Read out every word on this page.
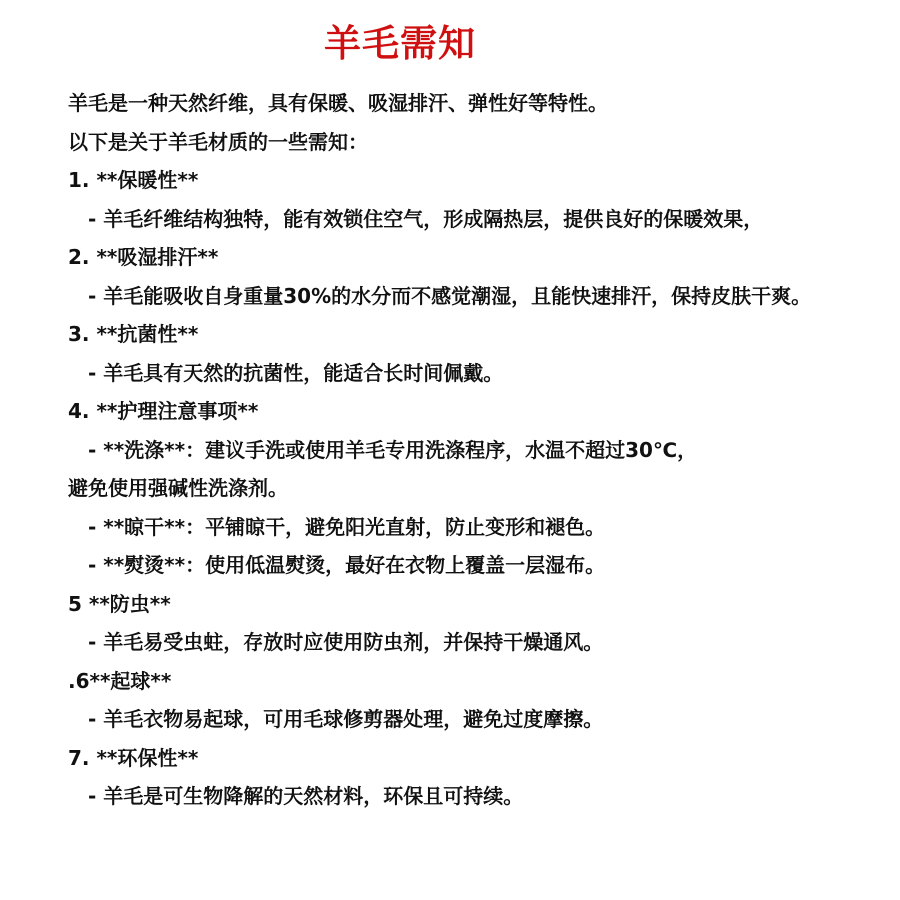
羊毛需知
羊毛是一种天然纤维，具有保暖、吸湿排汗、弹性好等特性。
以下是关于羊毛材质的一些需知：
1. **保暖性**
- 羊毛纤维结构独特，能有效锁住空气，形成隔热层，提供良好的保暖效果，
2. **吸湿排汗**
- 羊毛能吸收自身重量30%的水分而不感觉潮湿，且能快速排汗，保持皮肤干爽。
3. **抗菌性**
- 羊毛具有天然的抗菌性，能适合长时间佩戴。
4. **护理注意事项**
- **洗涤**：建议手洗或使用羊毛专用洗涤程序，水温不超过30℃，
避免使用强碱性洗涤剂。
- **晾干**：平铺晾干，避免阳光直射，防止变形和褪色。
- **熨烫**：使用低温熨烫，最好在衣物上覆盖一层湿布。
5 **防虫**
- 羊毛易受虫蛀，存放时应使用防虫剂，并保持干燥通风。
.6**起球**
- 羊毛衣物易起球，可用毛球修剪器处理，避免过度摩擦。
7. **环保性**
- 羊毛是可生物降解的天然材料，环保且可持续。
